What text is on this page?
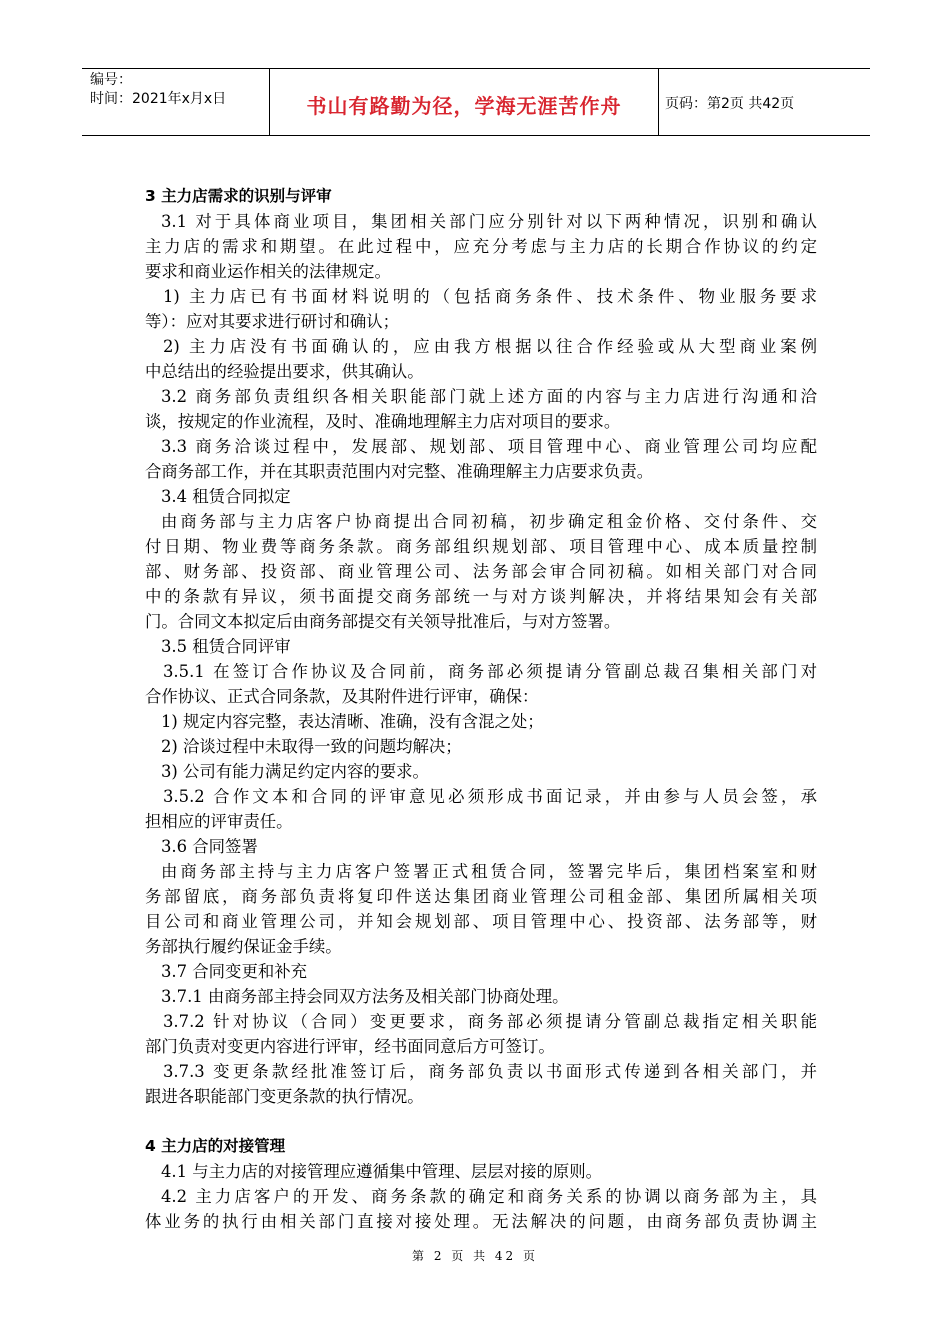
编号：
时间：2021年x月x日	书山有路勤为径，学海无涯苦作舟	页码：第2页 共42页
3 主力店需求的识别与评审
3.1 对于具体商业项目，集团相关部门应分别针对以下两种情况，识别和确认
主力店的需求和期望。在此过程中，应充分考虑与主力店的长期合作协议的约定
要求和商业运作相关的法律规定。
1) 主力店已有书面材料说明的（包括商务条件、技术条件、物业服务要求
等）：应对其要求进行研讨和确认；
2) 主力店没有书面确认的，应由我方根据以往合作经验或从大型商业案例
中总结出的经验提出要求，供其确认。
3.2 商务部负责组织各相关职能部门就上述方面的内容与主力店进行沟通和洽
谈，按规定的作业流程，及时、准确地理解主力店对项目的要求。
3.3 商务洽谈过程中，发展部、规划部、项目管理中心、商业管理公司均应配
合商务部工作，并在其职责范围内对完整、准确理解主力店要求负责。
3.4 租赁合同拟定
由商务部与主力店客户协商提出合同初稿，初步确定租金价格、交付条件、交
付日期、物业费等商务条款。商务部组织规划部、项目管理中心、成本质量控制
部、财务部、投资部、商业管理公司、法务部会审合同初稿。如相关部门对合同
中的条款有异议，须书面提交商务部统一与对方谈判解决，并将结果知会有关部
门。合同文本拟定后由商务部提交有关领导批准后，与对方签署。
3.5 租赁合同评审
3.5.1 在签订合作协议及合同前，商务部必须提请分管副总裁召集相关部门对
合作协议、正式合同条款，及其附件进行评审，确保：
1) 规定内容完整，表达清晰、准确，没有含混之处；
2) 洽谈过程中未取得一致的问题均解决；
3) 公司有能力满足约定内容的要求。
3.5.2 合作文本和合同的评审意见必须形成书面记录，并由参与人员会签，承
担相应的评审责任。
3.6 合同签署
由商务部主持与主力店客户签署正式租赁合同，签署完毕后，集团档案室和财
务部留底，商务部负责将复印件送达集团商业管理公司租金部、集团所属相关项
目公司和商业管理公司，并知会规划部、项目管理中心、投资部、法务部等，财
务部执行履约保证金手续。
3.7 合同变更和补充
3.7.1 由商务部主持会同双方法务及相关部门协商处理。
3.7.2 针对协议（合同）变更要求，商务部必须提请分管副总裁指定相关职能
部门负责对变更内容进行评审，经书面同意后方可签订。
3.7.3 变更条款经批准签订后，商务部负责以书面形式传递到各相关部门，并
跟进各职能部门变更条款的执行情况。
4 主力店的对接管理
4.1 与主力店的对接管理应遵循集中管理、层层对接的原则。
4.2 主力店客户的开发、商务条款的确定和商务关系的协调以商务部为主，具
体业务的执行由相关部门直接对接处理。无法解决的问题，由商务部负责协调主
第 2 页 共 42 页
